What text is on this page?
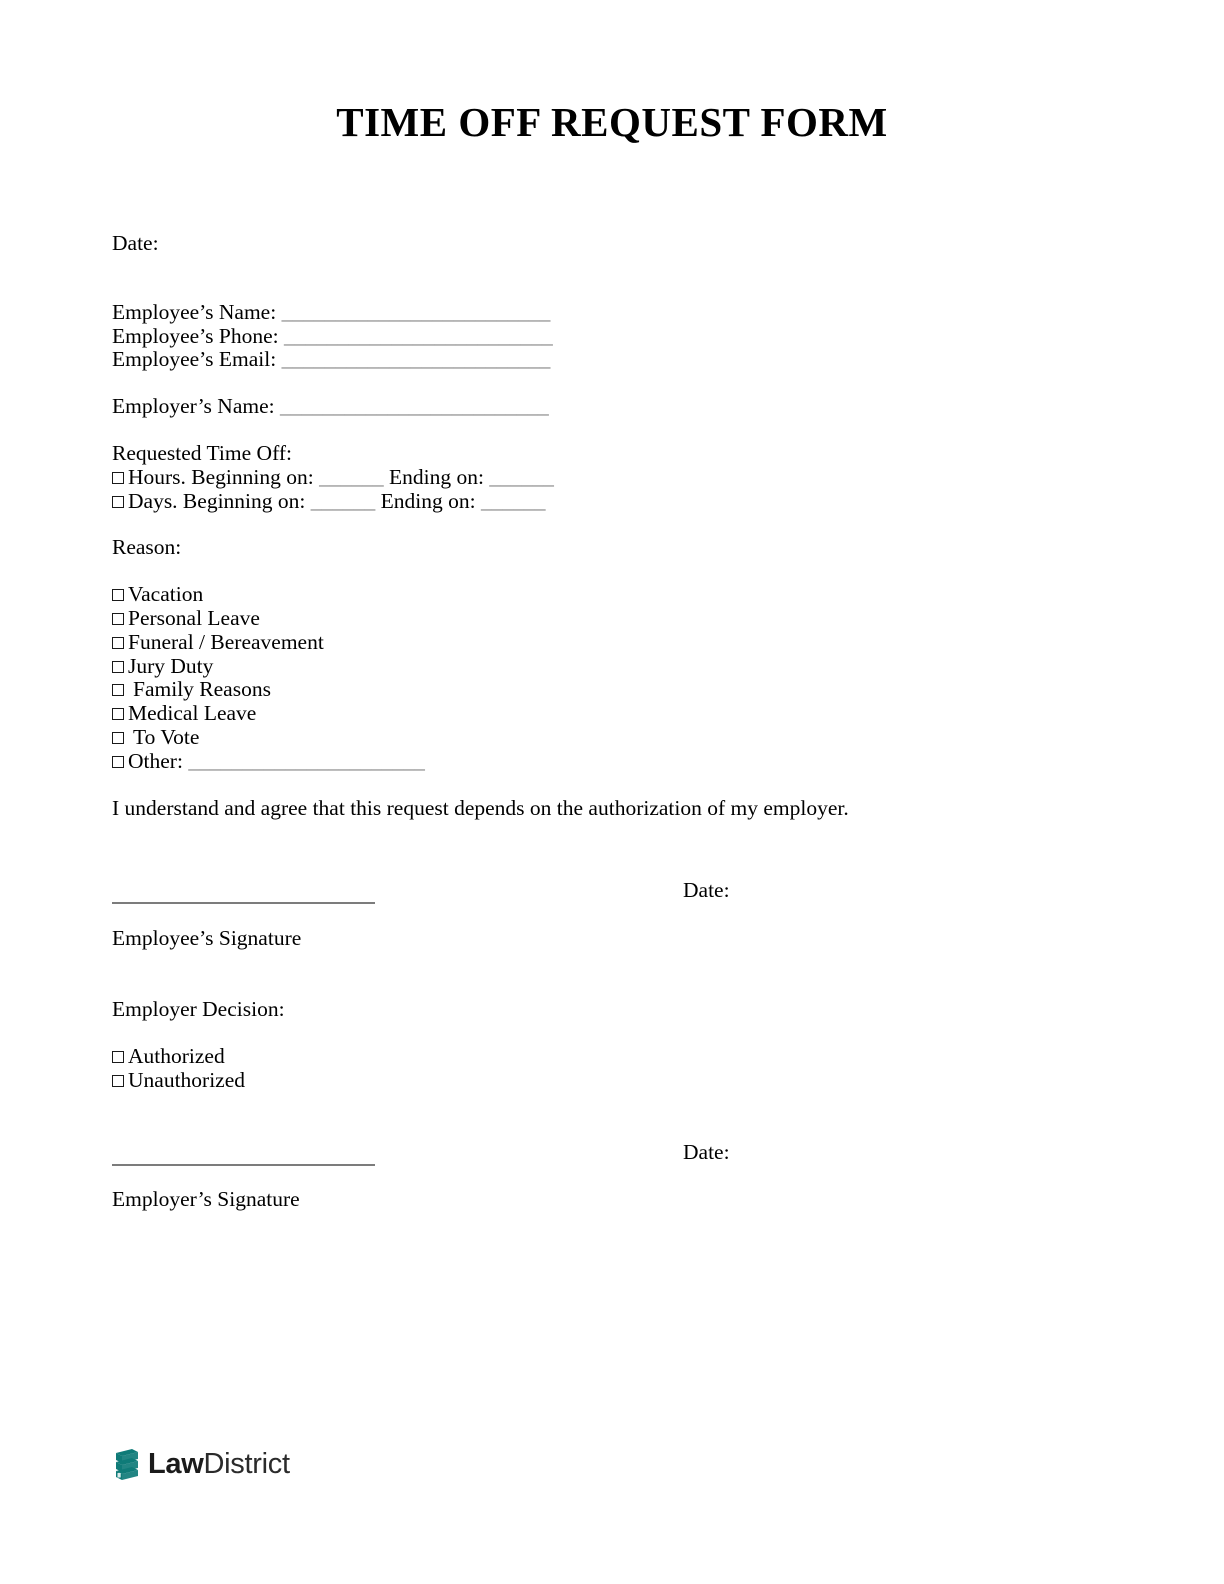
TIME OFF REQUEST FORM
Date:
Employee’s Name: _________________________
Employee’s Phone: _________________________
Employee’s Email: _________________________
Employer’s Name: _________________________
Requested Time Off:
Hours. Beginning on: ______ Ending on: ______
Days. Beginning on: ______ Ending on: ______
Reason:
Vacation
Personal Leave
Funeral / Bereavement
Jury Duty
Family Reasons
Medical Leave
To Vote
Other: ______________________
I understand and agree that this request depends on the authorization of my employer.
Date:
Employee’s Signature
Employer Decision:
Authorized
Unauthorized
Date:
Employer’s Signature
LawDistrict
